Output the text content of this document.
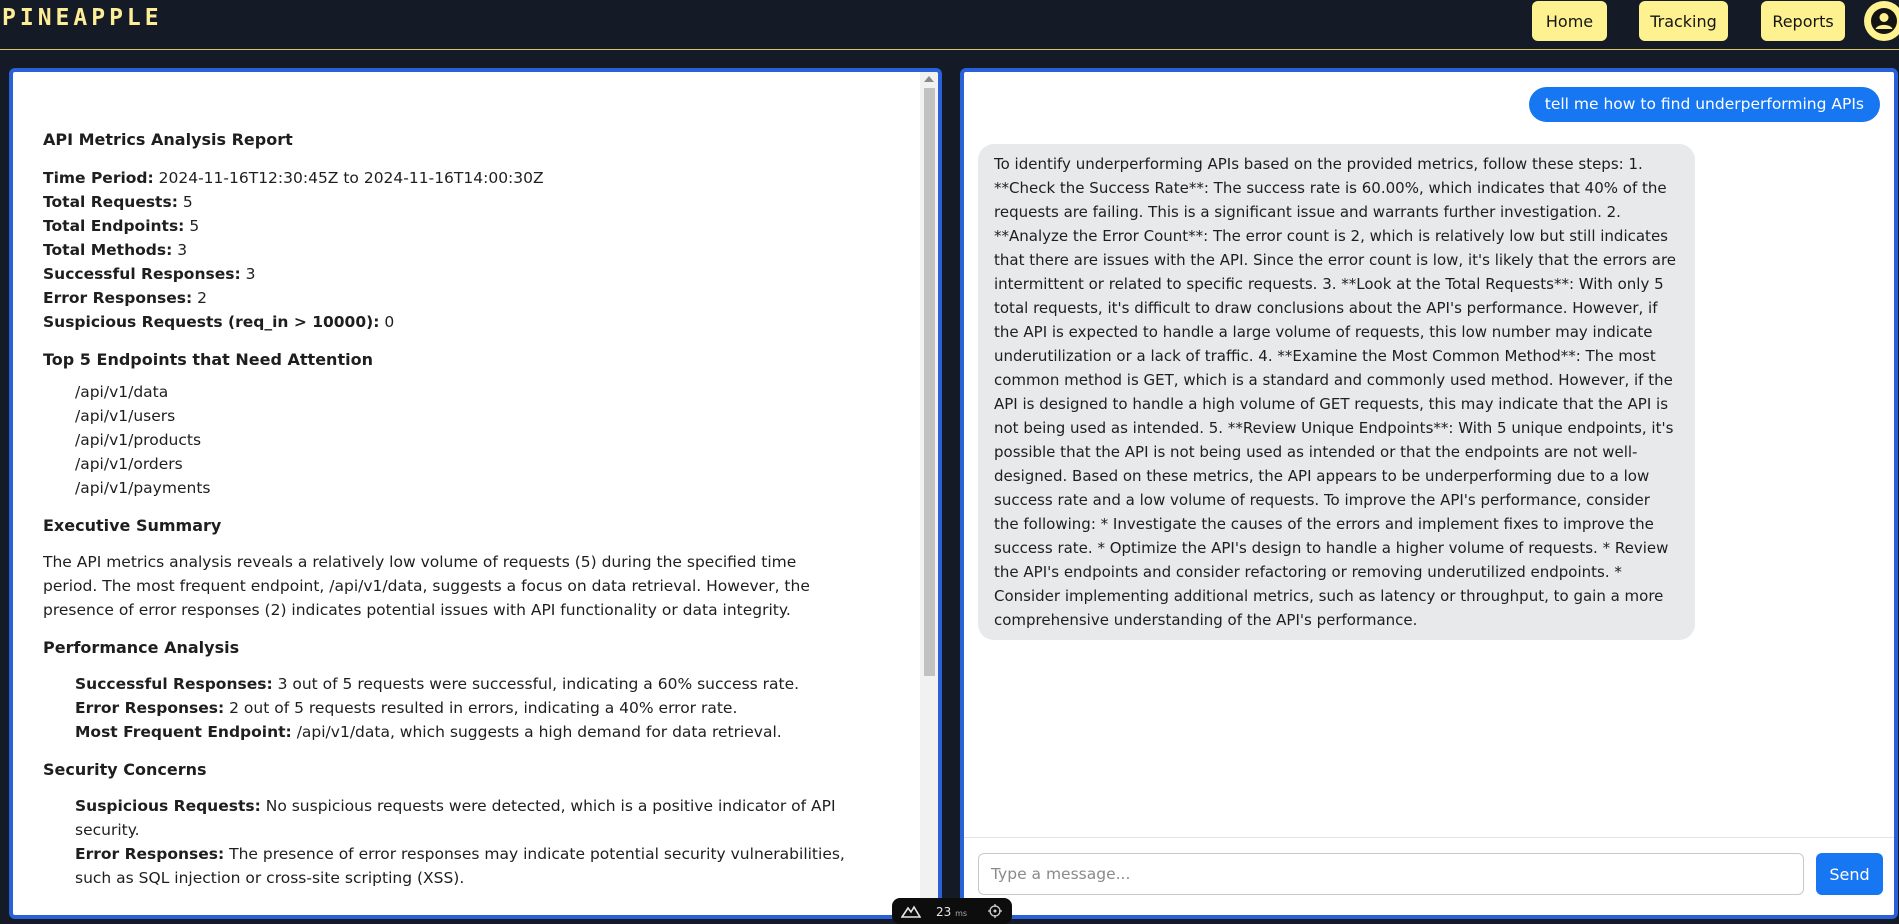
PINEAPPLE	Home	Tracking	Reports
API Metrics Analysis Report
Time Period: 2024-11-16T12:30:45Z to 2024-11-16T14:00:30Z
Total Requests: 5
Total Endpoints: 5
Total Methods: 3
Successful Responses: 3
Error Responses: 2
Suspicious Requests (req_in > 10000): 0
Top 5 Endpoints that Need Attention
/api/v1/data
/api/v1/users
/api/v1/products
/api/v1/orders
/api/v1/payments
Executive Summary
The API metrics analysis reveals a relatively low volume of requests (5) during the specified time period. The most frequent endpoint, /api/v1/data, suggests a focus on data retrieval. However, the presence of error responses (2) indicates potential issues with API functionality or data integrity.
Performance Analysis
Successful Responses: 3 out of 5 requests were successful, indicating a 60% success rate.
Error Responses: 2 out of 5 requests resulted in errors, indicating a 40% error rate.
Most Frequent Endpoint: /api/v1/data, which suggests a high demand for data retrieval.
Security Concerns
Suspicious Requests: No suspicious requests were detected, which is a positive indicator of API security.
Error Responses: The presence of error responses may indicate potential security vulnerabilities, such as SQL injection or cross-site scripting (XSS).
tell me how to find underperforming APIs
To identify underperforming APIs based on the provided metrics, follow these steps: 1. **Check the Success Rate**: The success rate is 60.00%, which indicates that 40% of the requests are failing. This is a significant issue and warrants further investigation. 2. **Analyze the Error Count**: The error count is 2, which is relatively low but still indicates that there are issues with the API. Since the error count is low, it's likely that the errors are intermittent or related to specific requests. 3. **Look at the Total Requests**: With only 5 total requests, it's difficult to draw conclusions about the API's performance. However, if the API is expected to handle a large volume of requests, this low number may indicate underutilization or a lack of traffic. 4. **Examine the Most Common Method**: The most common method is GET, which is a standard and commonly used method. However, if the API is designed to handle a high volume of GET requests, this may indicate that the API is not being used as intended. 5. **Review Unique Endpoints**: With 5 unique endpoints, it's possible that the API is not being used as intended or that the endpoints are not well-designed. Based on these metrics, the API appears to be underperforming due to a low success rate and a low volume of requests. To improve the API's performance, consider the following: * Investigate the causes of the errors and implement fixes to improve the success rate. * Optimize the API's design to handle a higher volume of requests. * Review the API's endpoints and consider refactoring or removing underutilized endpoints. * Consider implementing additional metrics, such as latency or throughput, to gain a more comprehensive understanding of the API's performance.
Type a message...
Send
23 ms
